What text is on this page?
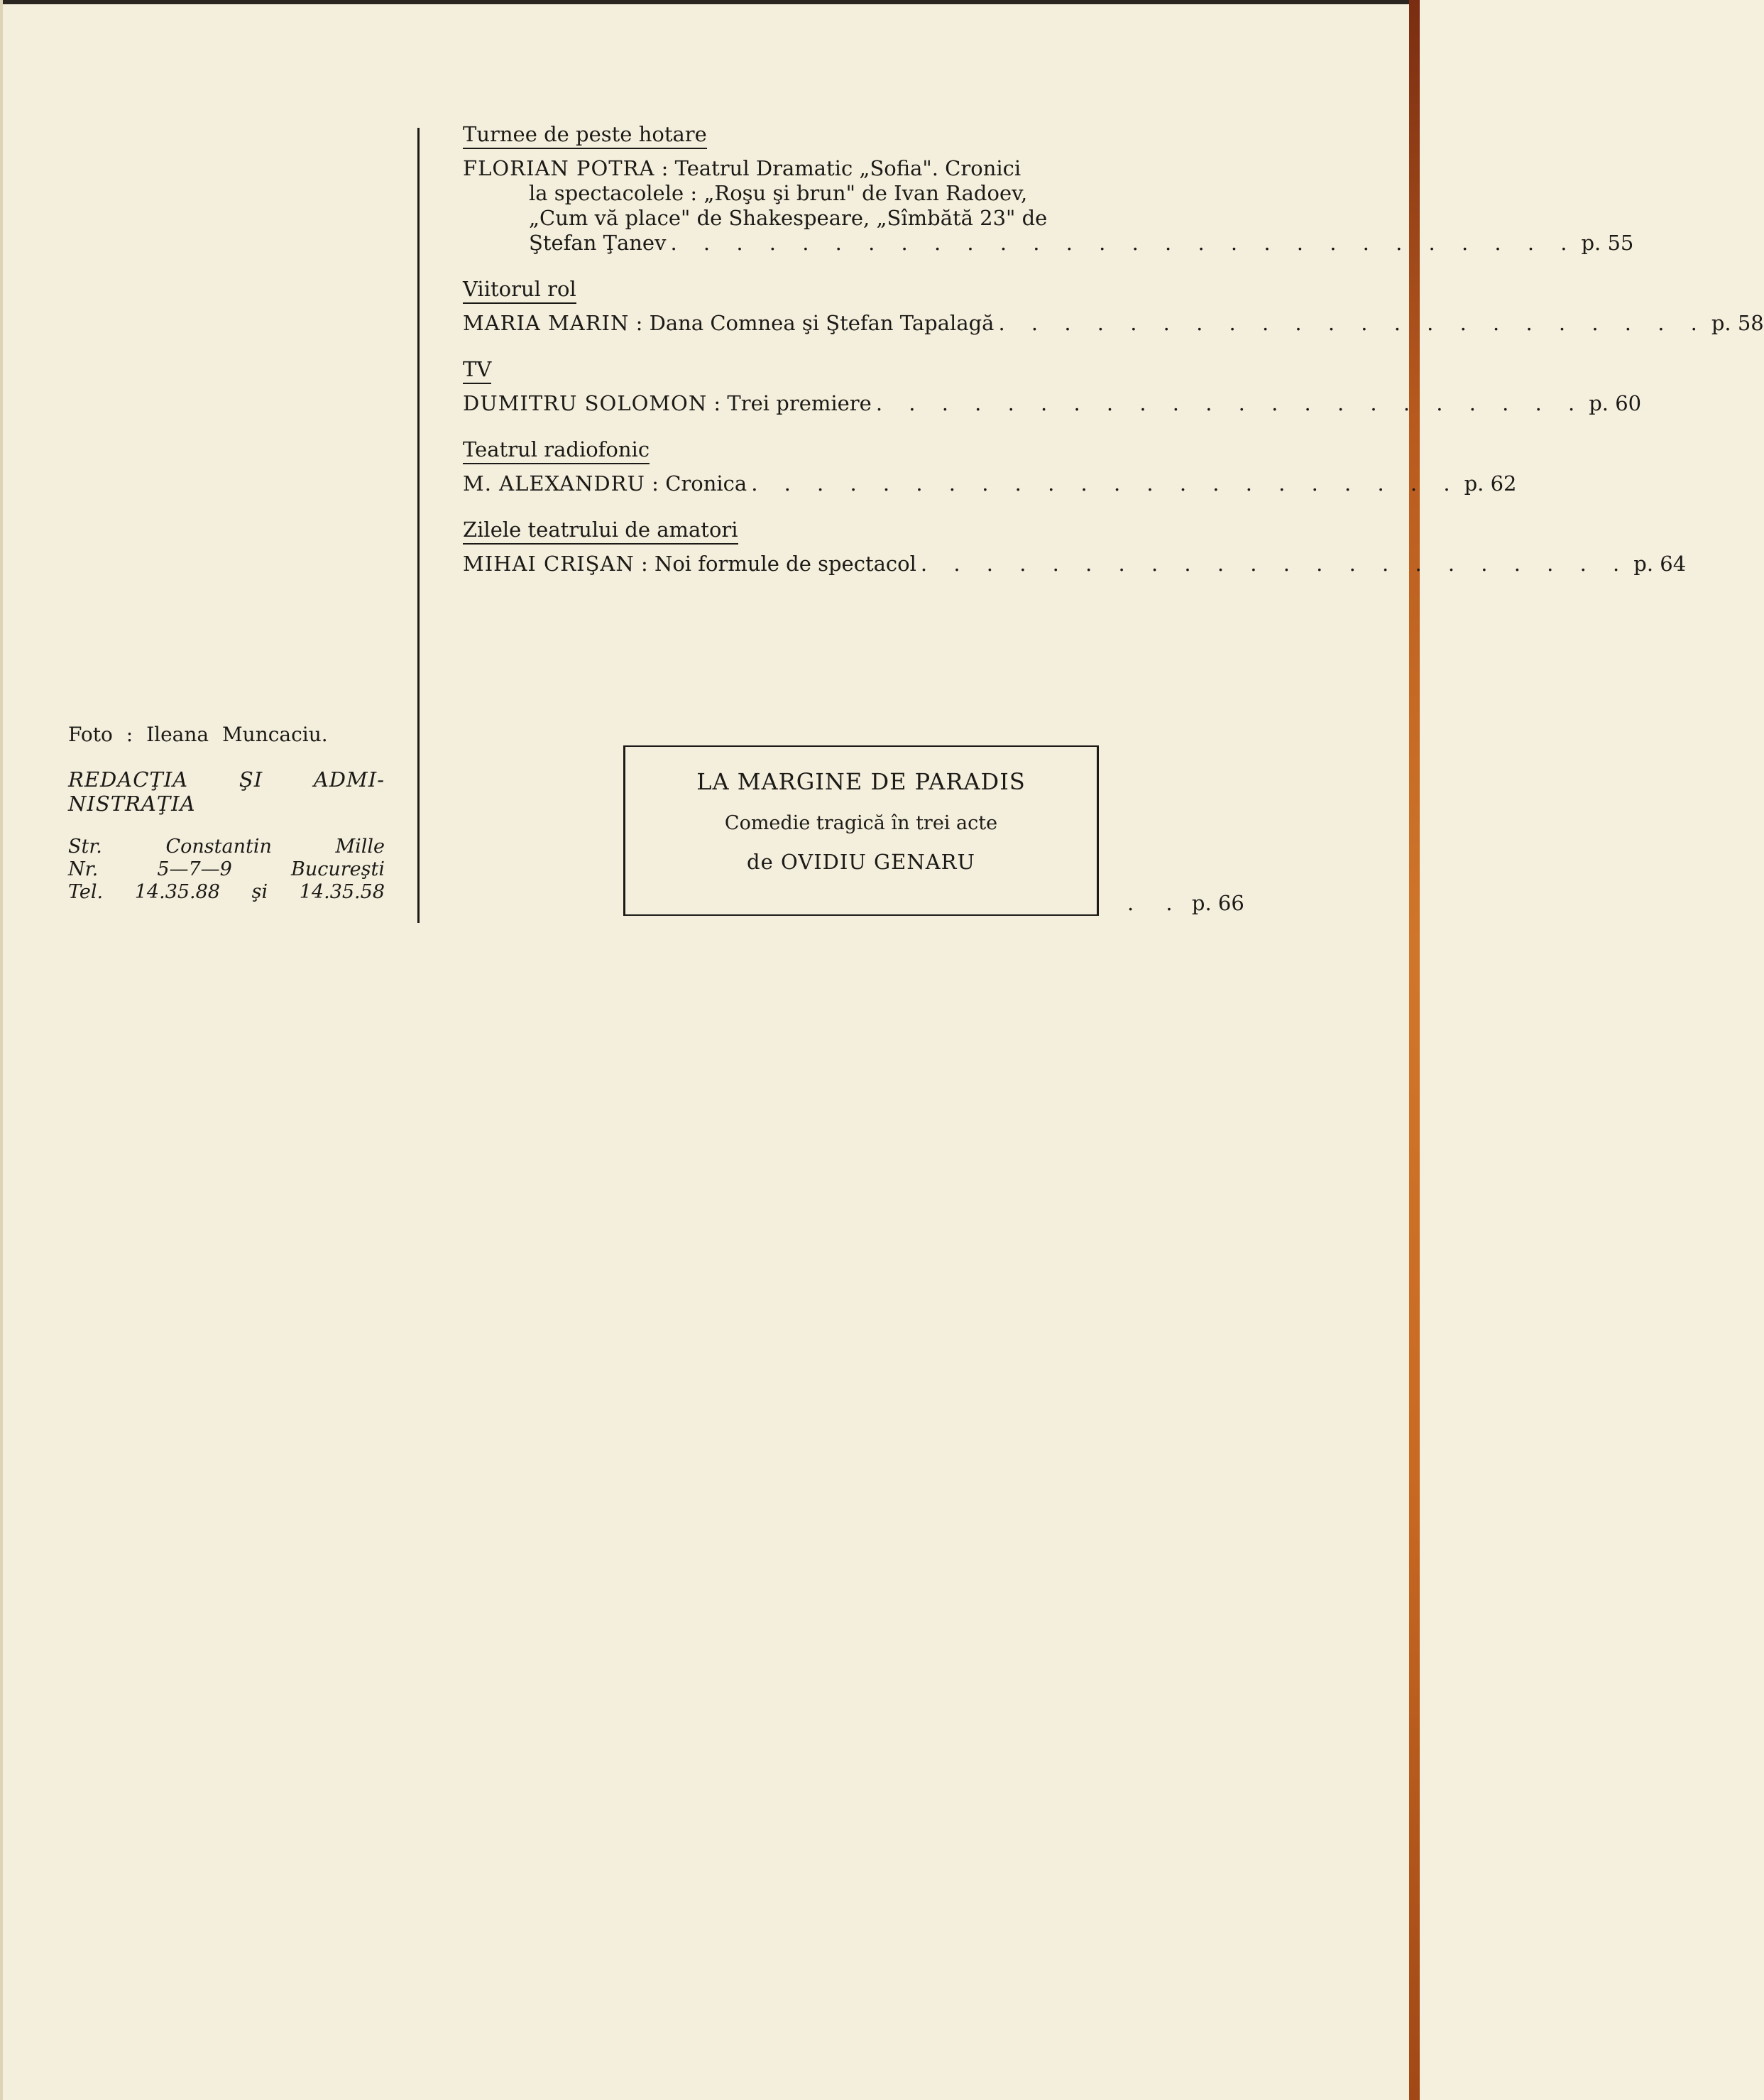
Foto : Ileana Muncaciu.
REDACŢIA ŞI ADMI-
NISTRAŢIA
Str.	Constantin	Mille
Nr.	5—7—9	Bucureşti
Tel. 14.35.88 şi 14.35.58
Turnee de peste hotare
FLORIAN POTRA : Teatrul Dramatic „Sofia". Cronici
la spectacolele : „Roşu şi brun" de Ivan Radoev,
„Cum vă place" de Shakespeare, „Sîmbătă 23" de
Ştefan Ţanev . . . . . . . . . . . . . . . . . . . . . . . . . . . . p. 55
Viitorul rol
MARIA MARIN : Dana Comnea şi Ştefan Tapalagă . . . . . . . . . . . . . . . . . . . . . . p. 58
TV
DUMITRU SOLOMON : Trei premiere . . . . . . . . . . . . . . . . . . . . . . p. 60
Teatrul radiofonic
M. ALEXANDRU : Cronica . . . . . . . . . . . . . . . . . . . . . . p. 62
Zilele teatrului de amatori
MIHAI CRIŞAN : Noi formule de spectacol . . . . . . . . . . . . . . . . . . . . . . p. 64
LA MARGINE DE PARADIS
Comedie tragică în trei acte
de OVIDIU GENARU
. . p. 66
